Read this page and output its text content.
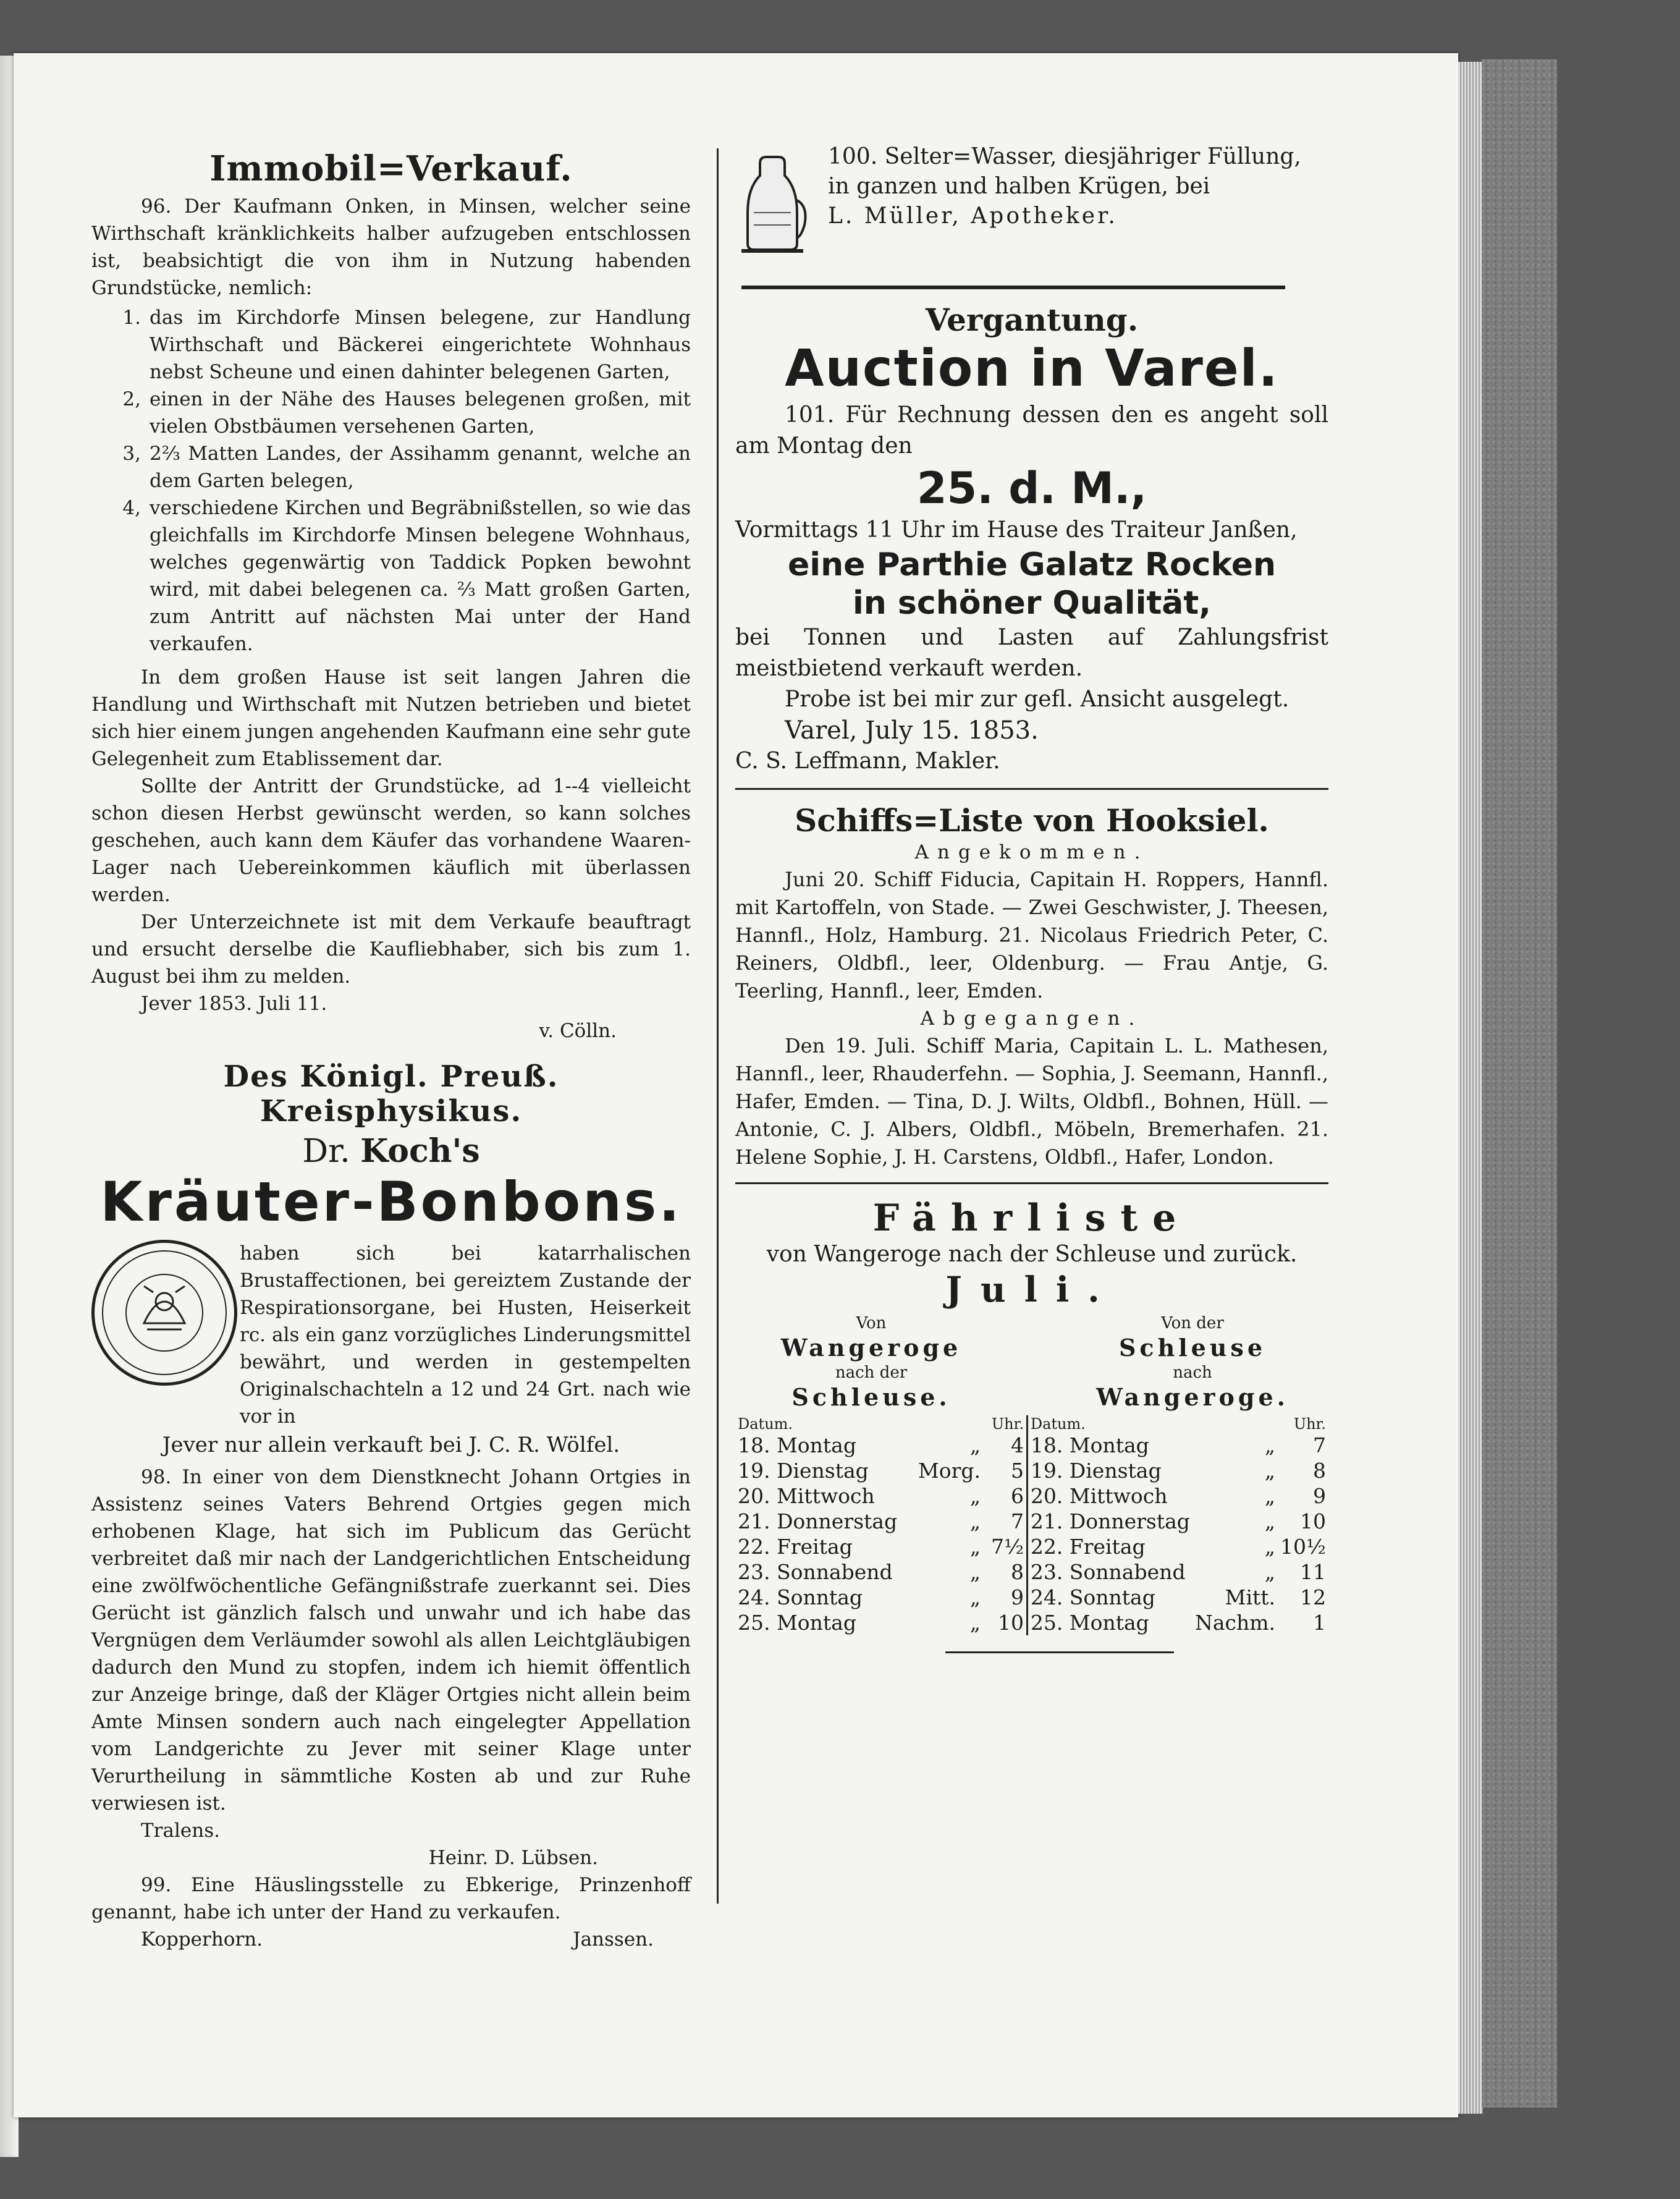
Immobil=Verkauf.

96. Der Kaufmann Onken, in Minsen, welcher seine Wirthschaft kränklichkeits halber aufzugeben entschlossen ist, beabsichtigt die von ihm in Nutzung habenden Grundstücke, nemlich:

1. das im Kirchdorfe Minsen belegene, zur Handlung Wirthschaft und Bäckerei eingerichtete Wohnhaus nebst Scheune und einen dahinter belegenen Garten,
2, einen in der Nähe des Hauses belegenen großen, mit vielen Obstbäumen versehenen Garten,
3, 2⅔ Matten Landes, der Assihamm genannt, welche an dem Garten belegen,
4, verschiedene Kirchen und Begräbnißstellen, so wie das gleichfalls im Kirchdorfe Minsen belegene Wohnhaus, welches gegenwärtig von Taddick Popken bewohnt wird, mit dabei belegenen ca. ⅔ Matt großen Garten, zum Antritt auf nächsten Mai unter der Hand verkaufen.

In dem großen Hause ist seit langen Jahren die Handlung und Wirthschaft mit Nutzen betrieben und bietet sich hier einem jungen angehenden Kaufmann eine sehr gute Gelegenheit zum Etablissement dar.

Sollte der Antritt der Grundstücke, ad 1--4 vielleicht schon diesen Herbst gewünscht werden, so kann solches geschehen, auch kann dem Käufer das vorhandene Waaren-Lager nach Uebereinkommen käuflich mit überlassen werden.

Der Unterzeichnete ist mit dem Verkaufe beauftragt und ersucht derselbe die Kaufliebhaber, sich bis zum 1. August bei ihm zu melden.

Jever 1853. Juli 11.

v. Cölln.

Des Königl. Preuß. Kreisphysikus.
Dr. Koch's
Kräuter-Bonbons.

haben sich bei katarrhalischen Brustaffectionen, bei gereiztem Zustande der Respirationsorgane, bei Husten, Heiserkeit rc. als ein ganz vorzügliches Linderungsmittel bewährt, und werden in gestempelten Originalschachteln a 12 und 24 Grt. nach wie vor in

Jever nur allein verkauft bei J. C. R. Wölfel.

98. In einer von dem Dienstknecht Johann Ortgies in Assistenz seines Vaters Behrend Ortgies gegen mich erhobenen Klage, hat sich im Publicum das Gerücht verbreitet daß mir nach der Landgerichtlichen Entscheidung eine zwölfwöchentliche Gefängnißstrafe zuerkannt sei. Dies Gerücht ist gänzlich falsch und unwahr und ich habe das Vergnügen dem Verläumder sowohl als allen Leichtgläubigen dadurch den Mund zu stopfen, indem ich hiemit öffentlich zur Anzeige bringe, daß der Kläger Ortgies nicht allein beim Amte Minsen sondern auch nach eingelegter Appellation vom Landgerichte zu Jever mit seiner Klage unter Verurtheilung in sämmtliche Kosten ab und zur Ruhe verwiesen ist.

Tralens.

Heinr. D. Lübsen.

99. Eine Häuslingsstelle zu Ebkerige, Prinzenhoff genannt, habe ich unter der Hand zu verkaufen.

Kopperhorn.	Janssen.

100. Selter=Wasser, diesjähriger Füllung, in ganzen und halben Krügen, bei

L. Müller, Apotheker.

Vergantung.
Auction in Varel.

101. Für Rechnung dessen den es angeht soll am Montag den

25. d. M.,

Vormittags 11 Uhr im Hause des Traiteur Janßen,

eine Parthie Galatz Rocken
in schöner Qualität,

bei Tonnen und Lasten auf Zahlungsfrist meistbietend verkauft werden.

Probe ist bei mir zur gefl. Ansicht ausgelegt.

Varel, July 15. 1853.

C. S. Leffmann, Makler.

Schiffs=Liste von Hooksiel.
Angekommen.

Juni 20. Schiff Fiducia, Capitain H. Roppers, Hannfl. mit Kartoffeln, von Stade. — Zwei Geschwister, J. Theesen, Hannfl., Holz, Hamburg. 21. Nicolaus Friedrich Peter, C. Reiners, Oldbfl., leer, Oldenburg. — Frau Antje, G. Teerling, Hannfl., leer, Emden.

Abgegangen.

Den 19. Juli. Schiff Maria, Capitain L. L. Mathesen, Hannfl., leer, Rhauderfehn. — Sophia, J. Seemann, Hannfl., Hafer, Emden. — Tina, D. J. Wilts, Oldbfl., Bohnen, Hüll. — Antonie, C. J. Albers, Oldbfl., Möbeln, Bremerhafen. 21. Helene Sophie, J. H. Carstens, Oldbfl., Hafer, London.

Fährliste
von Wangeroge nach der Schleuse und zurück.
Juli.
Von
Wangeroge
nach der
Schleuse.
Von der
Schleuse
nach
Wangeroge.
Datum.		Uhr.
18. Montag	„	4
19. Dienstag	Morg.	5
20. Mittwoch	„	6
21. Donnerstag	„	7
22. Freitag	„	7½
23. Sonnabend	„	8
24. Sonntag	„	9
25. Montag	„	10
Datum.		Uhr.
18. Montag	„	7
19. Dienstag	„	8
20. Mittwoch	„	9
21. Donnerstag	„	10
22. Freitag	„	10½
23. Sonnabend	„	11
24. Sonntag	Mitt.	12
25. Montag	Nachm.	1
